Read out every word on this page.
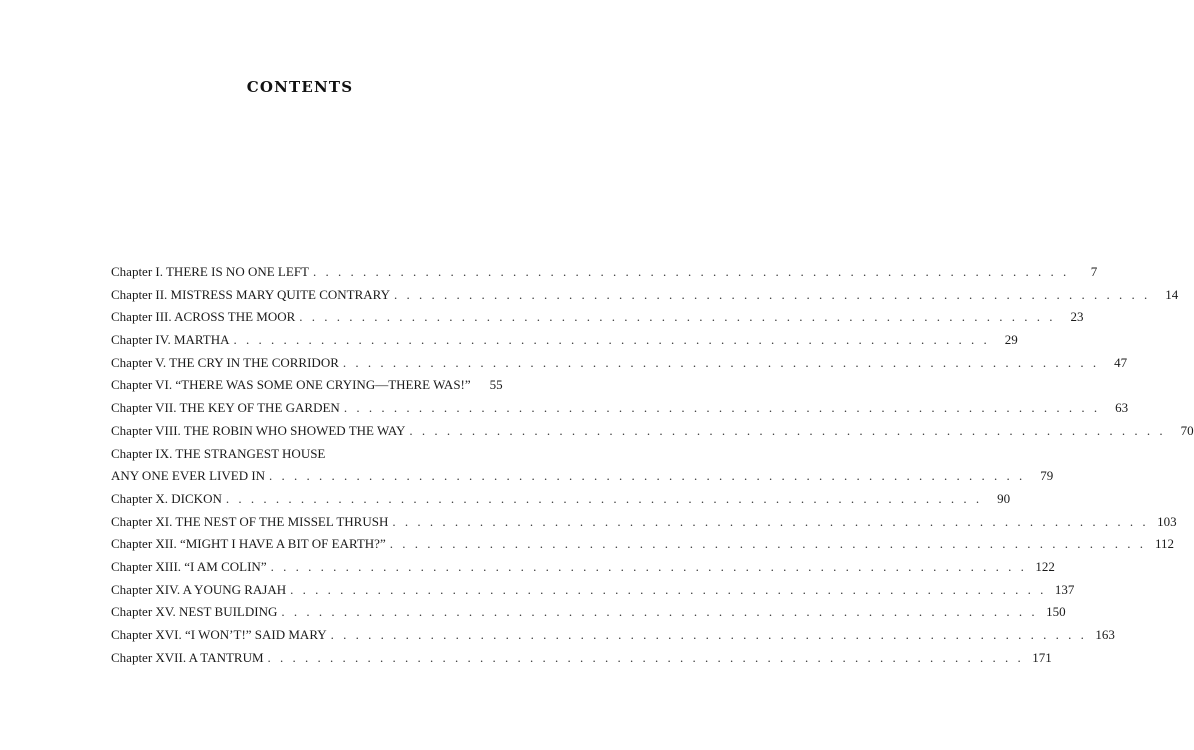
CONTENTS
Chapter I. THERE IS NO ONE LEFT . . . . . . . . . . . . . . . . . . . . . . . . . . . . . . . . . . . . . . . . . . . . . . . . . . . . . . . . . . . . .	7
Chapter II. MISTRESS MARY QUITE CONTRARY . . . . . . . . . . . . . . . . . . . . . . . . . . . . . . . . . . . . . . . . . . . . . . . . . . . . . . . . . . . . .	14
Chapter III. ACROSS THE MOOR . . . . . . . . . . . . . . . . . . . . . . . . . . . . . . . . . . . . . . . . . . . . . . . . . . . . . . . . . . . . .	23
Chapter IV. MARTHA . . . . . . . . . . . . . . . . . . . . . . . . . . . . . . . . . . . . . . . . . . . . . . . . . . . . . . . . . . . . .	29
Chapter V. THE CRY IN THE CORRIDOR . . . . . . . . . . . . . . . . . . . . . . . . . . . . . . . . . . . . . . . . . . . . . . . . . . . . . . . . . . . . .	47
Chapter VI. “THERE WAS SOME ONE CRYING—THERE WAS!”	55
Chapter VII. THE KEY OF THE GARDEN . . . . . . . . . . . . . . . . . . . . . . . . . . . . . . . . . . . . . . . . . . . . . . . . . . . . . . . . . . . . .	63
Chapter VIII. THE ROBIN WHO SHOWED THE WAY . . . . . . . . . . . . . . . . . . . . . . . . . . . . . . . . . . . . . . . . . . . . . . . . . . . . . . . . . . . . .	70
Chapter IX. THE STRANGEST HOUSE
ANY ONE EVER LIVED IN . . . . . . . . . . . . . . . . . . . . . . . . . . . . . . . . . . . . . . . . . . . . . . . . . . . . . . . . . . . . .	79
Chapter X. DICKON . . . . . . . . . . . . . . . . . . . . . . . . . . . . . . . . . . . . . . . . . . . . . . . . . . . . . . . . . . . . .	90
Chapter XI. THE NEST OF THE MISSEL THRUSH . . . . . . . . . . . . . . . . . . . . . . . . . . . . . . . . . . . . . . . . . . . . . . . . . . . . . . . . . . . . . 103
Chapter XII. “MIGHT I HAVE A BIT OF EARTH?” . . . . . . . . . . . . . . . . . . . . . . . . . . . . . . . . . . . . . . . . . . . . . . . . . . . . . . . . . . . . . 112
Chapter XIII. “I AM COLIN” . . . . . . . . . . . . . . . . . . . . . . . . . . . . . . . . . . . . . . . . . . . . . . . . . . . . . . . . . . . . . 122
Chapter XIV. A YOUNG RAJAH . . . . . . . . . . . . . . . . . . . . . . . . . . . . . . . . . . . . . . . . . . . . . . . . . . . . . . . . . . . . . 137
Chapter XV. NEST BUILDING . . . . . . . . . . . . . . . . . . . . . . . . . . . . . . . . . . . . . . . . . . . . . . . . . . . . . . . . . . . . . 150
Chapter XVI. “I WON’T!” SAID MARY . . . . . . . . . . . . . . . . . . . . . . . . . . . . . . . . . . . . . . . . . . . . . . . . . . . . . . . . . . . . . 163
Chapter XVII. A TANTRUM . . . . . . . . . . . . . . . . . . . . . . . . . . . . . . . . . . . . . . . . . . . . . . . . . . . . . . . . . . . . . 171
